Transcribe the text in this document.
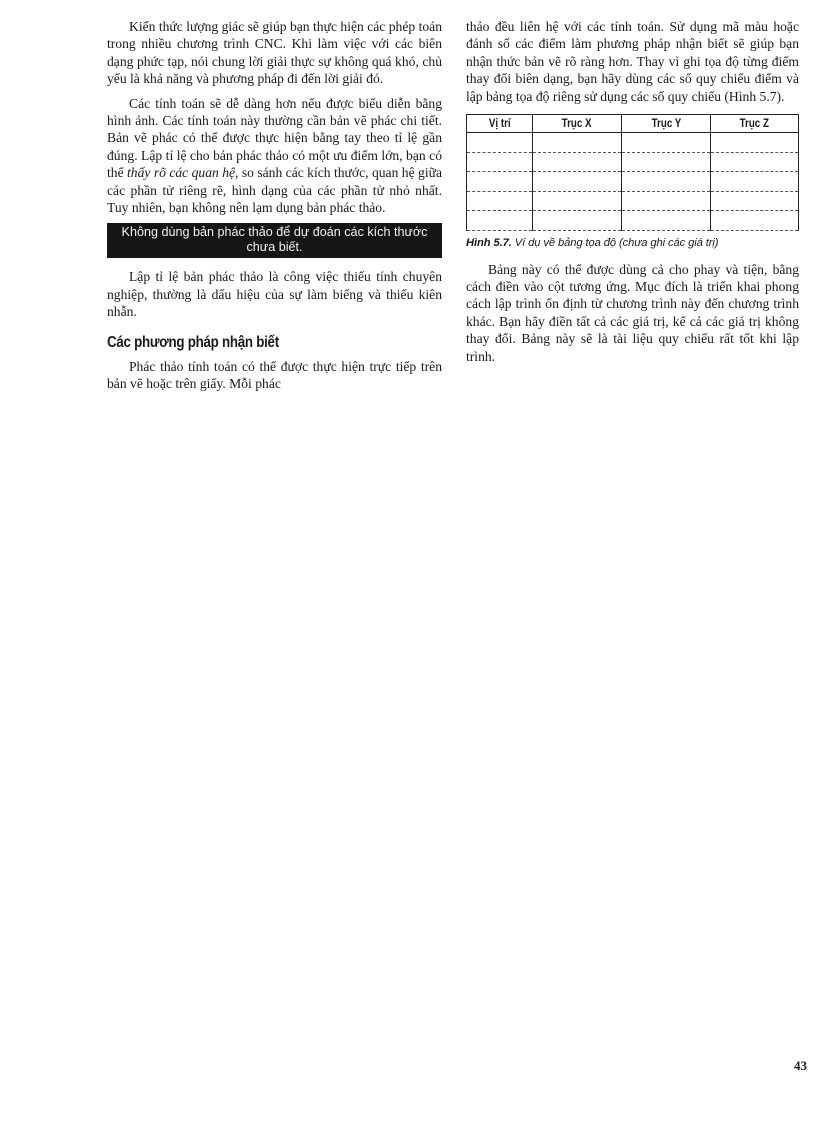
Kiến thức lượng giác sẽ giúp bạn thực hiện các phép toán trong nhiều chương trình CNC. Khi làm việc với các biên dạng phức tạp, nói chung lời giải thực sự không quá khó, chủ yếu là khả năng và phương pháp đi đến lời giải đó.

Các tính toán sẽ dễ dàng hơn nếu được biểu diễn bằng hình ảnh. Các tính toán này thường cần bản vẽ phác chi tiết. Bản vẽ phác có thể được thực hiện bằng tay theo tỉ lệ gần đúng. Lập tỉ lệ cho bản phác thảo có một ưu điểm lớn, bạn có thể thấy rõ các quan hệ, so sánh các kích thước, quan hệ giữa các phần tử riêng rẽ, hình dạng của các phần tử nhỏ nhất. Tuy nhiên, bạn không nên lạm dụng bản phác thảo.

Không dùng bản phác thảo để dự đoán các kích thước chưa biết.

Lập tỉ lệ bản phác thảo là công việc thiếu tính chuyên nghiệp, thường là dấu hiệu của sự làm biếng và thiếu kiên nhẫn.

Các phương pháp nhận biết

Phác thảo tính toán có thể được thực hiện trực tiếp trên bản vẽ hoặc trên giấy. Mỗi phác

thảo đều liên hệ với các tính toán. Sử dụng mã màu hoặc đánh số các điểm làm phương pháp nhận biết sẽ giúp bạn nhận thức bản vẽ rõ ràng hơn. Thay vì ghi tọa độ từng điểm thay đổi biên dạng, bạn hãy dùng các số quy chiếu điểm và lập bảng tọa độ riêng sử dụng các số quy chiếu (Hình 5.7).

Vị trí	Trục X	Trục Y	Trục Z

Hình 5.7. Ví dụ về bảng tọa độ (chưa ghi các giá trị)

Bảng này có thể được dùng cả cho phay và tiện, bằng cách điền vào cột tương ứng. Mục đích là triển khai phong cách lập trình ổn định từ chương trình này đến chương trình khác. Bạn hãy điền tất cả các giá trị, kể cả các giá trị không thay đổi. Bảng này sẽ là tài liệu quy chiếu rất tốt khi lập trình.

43
